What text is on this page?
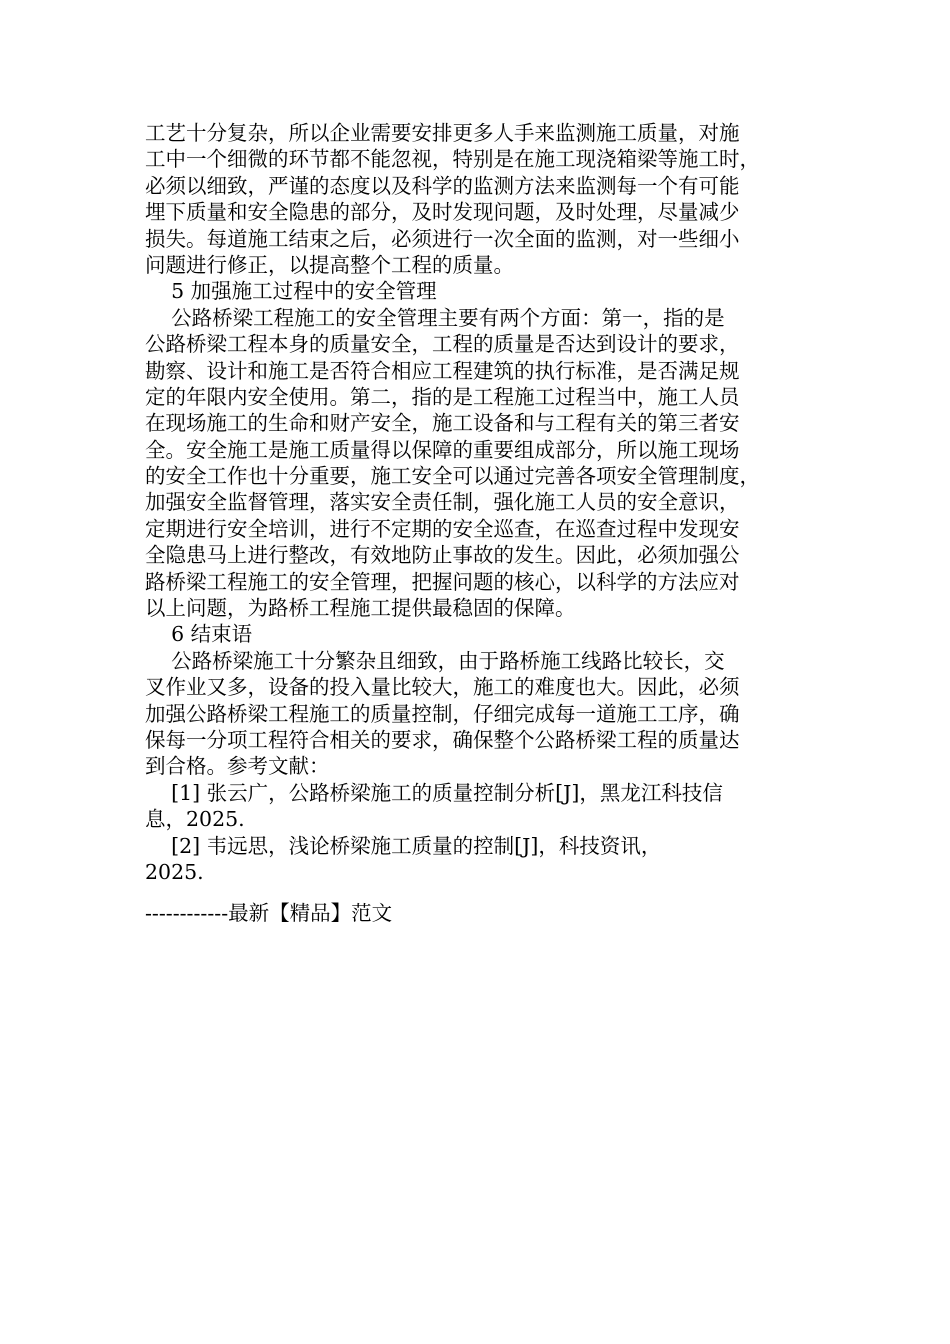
工艺十分复杂，所以企业需要安排更多人手来监测施工质量，对施
工中一个细微的环节都不能忽视，特别是在施工现浇箱梁等施工时，
必须以细致，严谨的态度以及科学的监测方法来监测每一个有可能
埋下质量和安全隐患的部分，及时发现问题，及时处理，尽量减少
损失。每道施工结束之后，必须进行一次全面的监测，对一些细小
问题进行修正，以提高整个工程的质量。
5 加强施工过程中的安全管理
公路桥梁工程施工的安全管理主要有两个方面：第一，指的是
公路桥梁工程本身的质量安全，工程的质量是否达到设计的要求，
勘察、设计和施工是否符合相应工程建筑的执行标准，是否满足规
定的年限内安全使用。第二，指的是工程施工过程当中，施工人员
在现场施工的生命和财产安全，施工设备和与工程有关的第三者安
全。安全施工是施工质量得以保障的重要组成部分，所以施工现场
的安全工作也十分重要，施工安全可以通过完善各项安全管理制度，
加强安全监督管理，落实安全责任制，强化施工人员的安全意识，
定期进行安全培训，进行不定期的安全巡查，在巡查过程中发现安
全隐患马上进行整改，有效地防止事故的发生。因此，必须加强公
路桥梁工程施工的安全管理，把握问题的核心，以科学的方法应对
以上问题，为路桥工程施工提供最稳固的保障。
6 结束语
公路桥梁施工十分繁杂且细致，由于路桥施工线路比较长，交
叉作业又多，设备的投入量比较大，施工的难度也大。因此，必须
加强公路桥梁工程施工的质量控制，仔细完成每一道施工工序，确
保每一分项工程符合相关的要求，确保整个公路桥梁工程的质量达
到合格。参考文献：
[1] 张云广，公路桥梁施工的质量控制分析[J]，黑龙江科技信
息，2025.
[2] 韦远思，浅论桥梁施工质量的控制[J]，科技资讯，
2025.
------------最新【精品】范文
